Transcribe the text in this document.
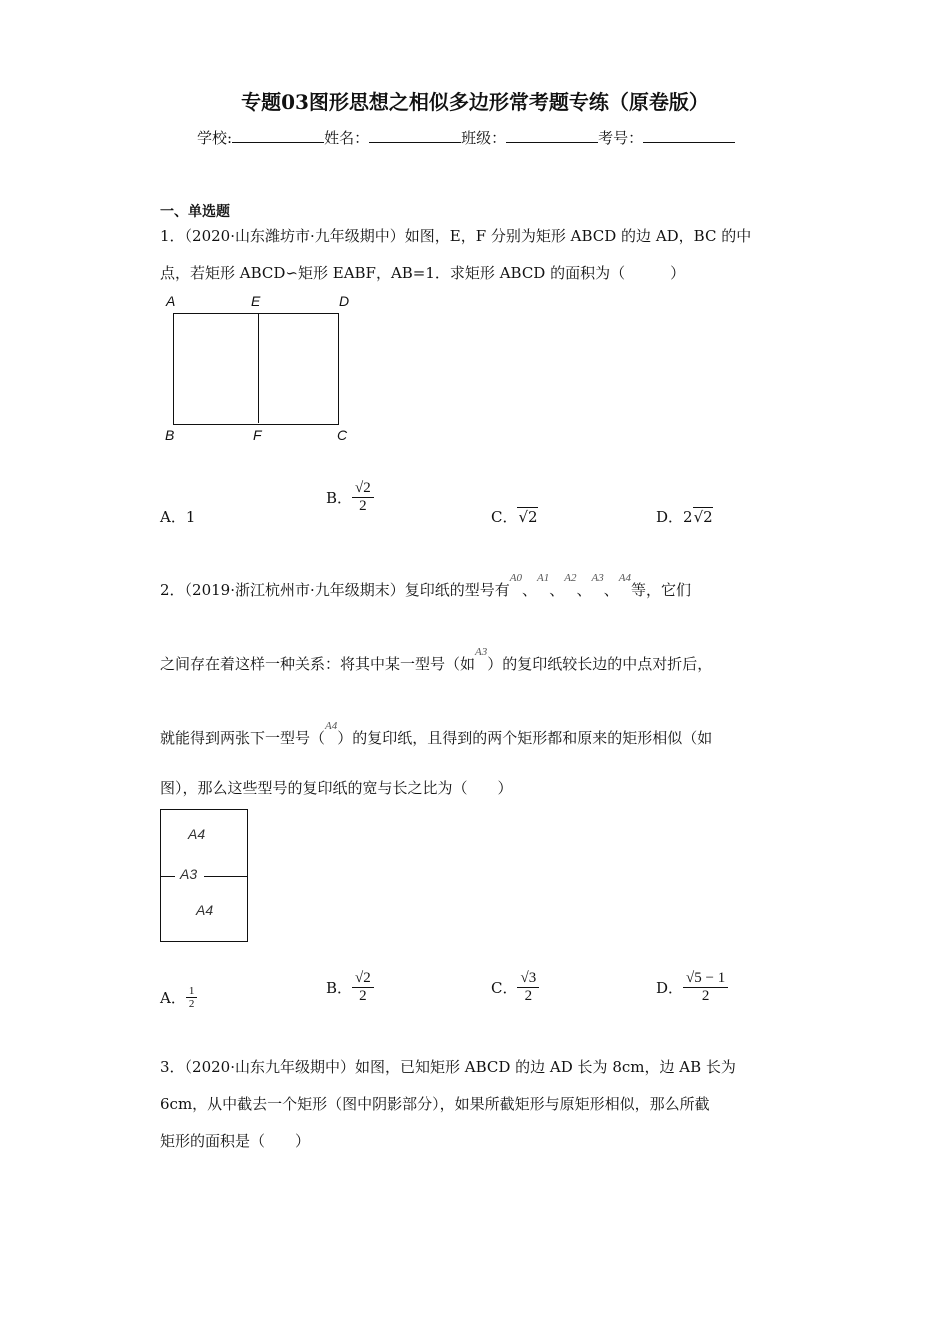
专题03图形思想之相似多边形常考题专练（原卷版）
学校:	姓名：	班级：	考号：
一、单选题
1．（2020·山东潍坊市·九年级期中）如图，E，F 分别为矩形 ABCD 的边 AD，BC 的中
点，若矩形 ABCD∽矩形 EABF，AB=1．求矩形 ABCD 的面积为（　　　）
A	E	D
B	F	C
A．1
B． $\frac{√2}{2}$
C．√2	D．2√2
2．（2019·浙江杭州市·九年级期末）复印纸的型号有$^{A0}$、$^{A1}$、$^{A2}$、$^{A3}$、$^{A4}$等，它们
之间存在着这样一种关系：将其中某一型号（如$^{A3}$）的复印纸较长边的中点对折后，
就能得到两张下一型号（$^{A4}$）的复印纸，且得到的两个矩形都和原来的矩形相似（如
图），那么这些型号的复印纸的宽与长之比为（　　）
A4
A3
A4
A． $\frac{1}{2}$	B． $\frac{√2}{2}$	C． $\frac{√3}{2}$	D． $\frac{√5 - 1}{2}$
3．（2020·山东九年级期中）如图，已知矩形 ABCD 的边 AD 长为 8cm，边 AB 长为
6cm，从中截去一个矩形（图中阴影部分），如果所截矩形与原矩形相似，那么所截
矩形的面积是（　　）
